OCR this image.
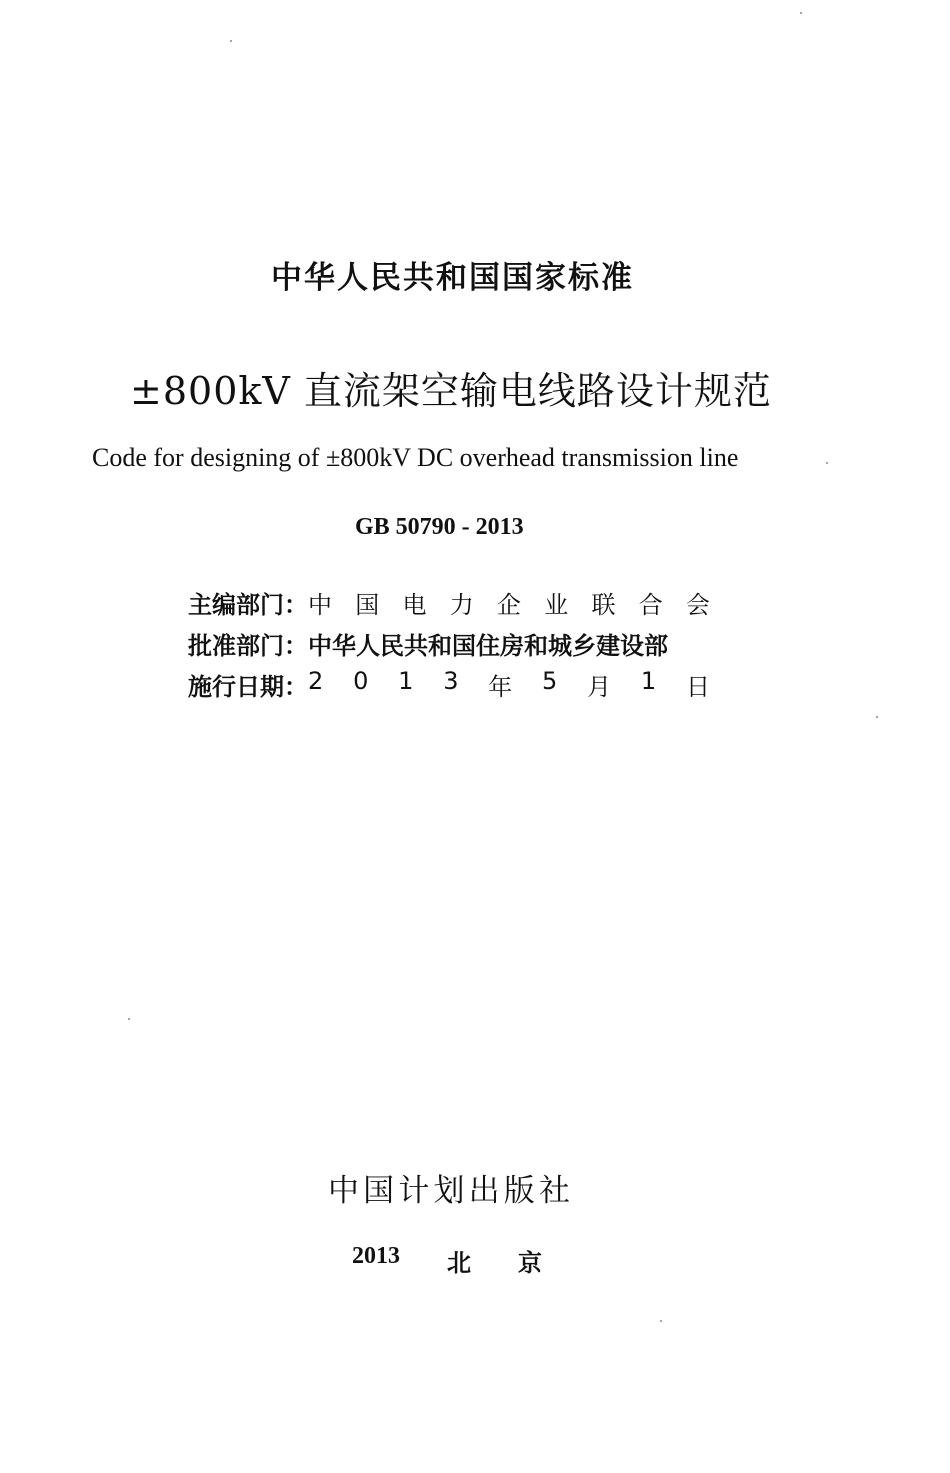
中华人民共和国国家标准
±800kV 直流架空输电线路设计规范
Code for designing of ±800kV DC overhead transmission line
GB 50790 - 2013
主编部门： 中 国 电 力 企 业 联 合 会
批准部门： 中华人民共和国住房和城乡建设部
施行日期： 2 0 1 3 年 5 月 1 日
中 国 计 划 出 版 社
2013 北 京
